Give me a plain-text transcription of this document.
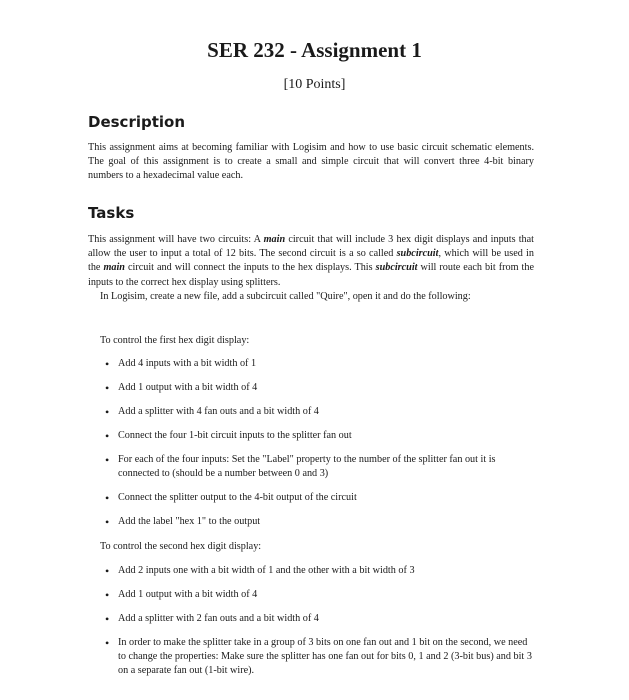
SER 232 - Assignment 1
[10 Points]
Description

This assignment aims at becoming familiar with Logisim and how to use basic circuit schematic elements. The goal of this assignment is to create a small and simple circuit that will convert three 4-bit binary numbers to a hexadecimal value each.

Tasks

This assignment will have two circuits: A main circuit that will include 3 hex digit displays and inputs that allow the user to input a total of 12 bits. The second circuit is a so called subcircuit, which will be used in the main circuit and will connect the inputs to the hex displays. This subcircuit will route each bit from the inputs to the correct hex display using splitters.

In Logisim, create a new file, add a subcircuit called "Quire", open it and do the following:

To control the first hex digit display:
• Add 4 inputs with a bit width of 1
• Add 1 output with a bit width of 4
• Add a splitter with 4 fan outs and a bit width of 4
• Connect the four 1-bit circuit inputs to the splitter fan out
• For each of the four inputs: Set the "Label" property to the number of the splitter fan out it is connected to (should be a number between 0 and 3)
• Connect the splitter output to the 4-bit output of the circuit
• Add the label "hex 1" to the output
To control the second hex digit display:
• Add 2 inputs one with a bit width of 1 and the other with a bit width of 3
• Add 1 output with a bit width of 4
• Add a splitter with 2 fan outs and a bit width of 4
• In order to make the splitter take in a group of 3 bits on one fan out and 1 bit on the second, we need to change the properties: Make sure the splitter has one fan out for bits 0, 1 and 2 (3-bit bus) and bit 3 on a separate fan out (1-bit wire).
